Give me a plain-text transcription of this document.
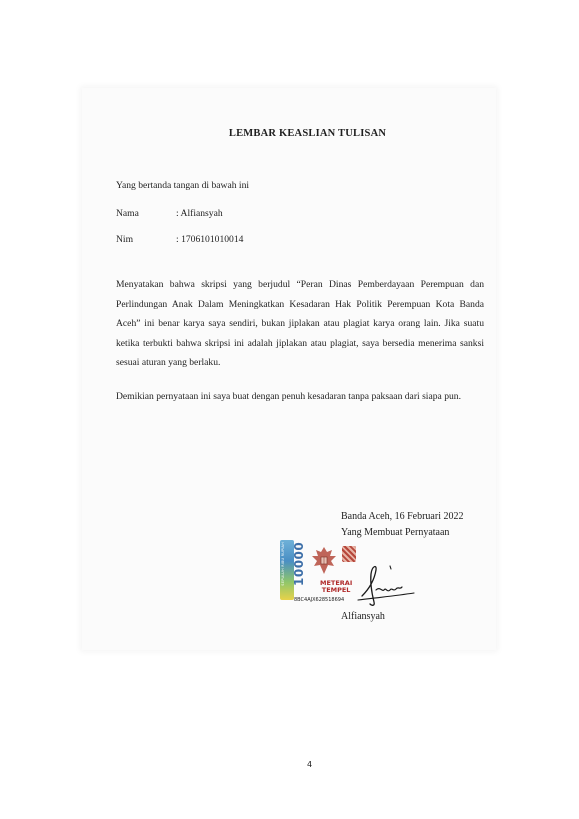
LEMBAR KEASLIAN TULISAN
Yang bertanda tangan di bawah ini
Nama	: Alfiansyah
Nim	: 1706101010014
Menyatakan bahwa skripsi yang berjudul “Peran Dinas Pemberdayaan Perempuan dan Perlindungan Anak Dalam Meningkatkan Kesadaran Hak Politik Perempuan Kota Banda Aceh” ini benar karya saya sendiri, bukan jiplakan atau plagiat karya orang lain. Jika suatu ketika terbukti bahwa skripsi ini adalah jiplakan atau plagiat, saya bersedia menerima sanksi sesuai aturan yang berlaku.
Demikian pernyataan ini saya buat dengan penuh kesadaran tanpa paksaan dari siapa pun.
Banda Aceh, 16 Februari 2022
Yang Membuat Pernyataan
SEPULUH RIBU RUPIAH 10000 METERAI
TEMPEL
8BC4AJX628518694
Alfiansyah
4
